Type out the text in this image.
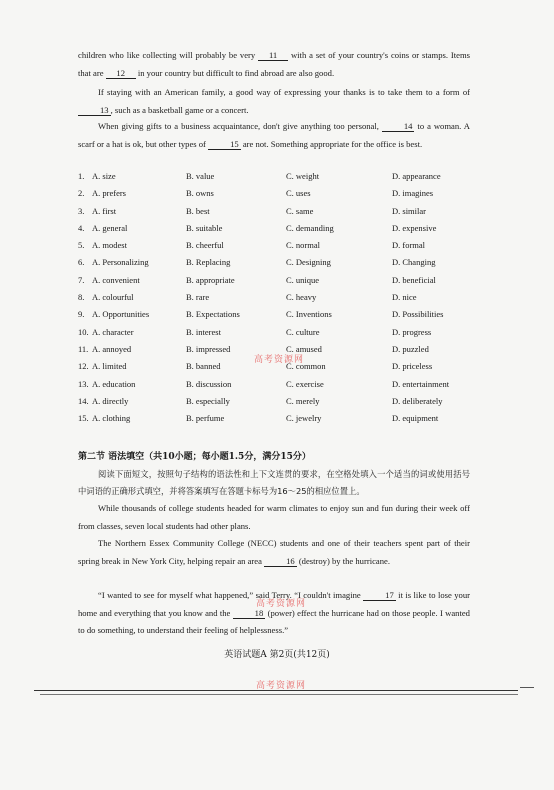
children who like collecting will probably be very 11 with a set of your country's coins or stamps. Items that are 12 in your country but difficult to find abroad are also good.

If staying with an American family, a good way of expressing your thanks is to take them to a form of 13 , such as a basketball game or a concert.

When giving gifts to a business acquaintance, don't give anything too personal,	14 to a woman. A scarf or a hat is ok, but other types of	15 are not. Something appropriate for the office is best.

1. A. size	B. value	C. weight	D. appearance
2. A. prefers	B. owns	C. uses	D. imagines
3. A. first	B. best	C. same	D. similar
4. A. general	B. suitable	C. demanding	D. expensive
5. A. modest	B. cheerful	C. normal	D. formal
6. A. Personalizing	B. Replacing	C. Designing	D. Changing
7. A. convenient	B. appropriate	C. unique	D. beneficial
8. A. colourful	B. rare	C. heavy	D. nice
9. A. Opportunities	B. Expectations	C. Inventions	D. Possibilities
10. A. character	B. interest	C. culture	D. progress
11. A. annoyed	B. impressed	C. amused	D. puzzled
12. A. limited	B. banned	C. common	D. priceless
13. A. education	B. discussion	C. exercise	D. entertainment
14. A. directly	B. especially	C. merely	D. deliberately
15. A. clothing	B. perfume	C. jewelry	D. equipment
第二节 语法填空（共10小题；每小题1.5分，满分15分）

阅读下面短文，按照句子结构的语法性和上下文连贯的要求，在空格处填入一个适当的词或使用括号中词语的正确形式填空，并将答案填写在答题卡标号为16～25的相应位置上。

While thousands of college students headed for warm climates to enjoy sun and fun during their week off from classes, seven local students had other plans.

The Northern Essex Community College (NECC) students and one of their teachers spent part of their spring break in New York City, helping repair an area	16 (destroy) by the hurricane.

“I wanted to see for myself what happened,” said Terry. “I couldn't imagine	17 it is like to lose your home and everything that you know and the	18 (power) effect the hurricane had on those people. I wanted to do something, to understand their feeling of helplessness.”

高考资源网
高考资源网
高考资源网
英语试题A 第2页(共12页)
